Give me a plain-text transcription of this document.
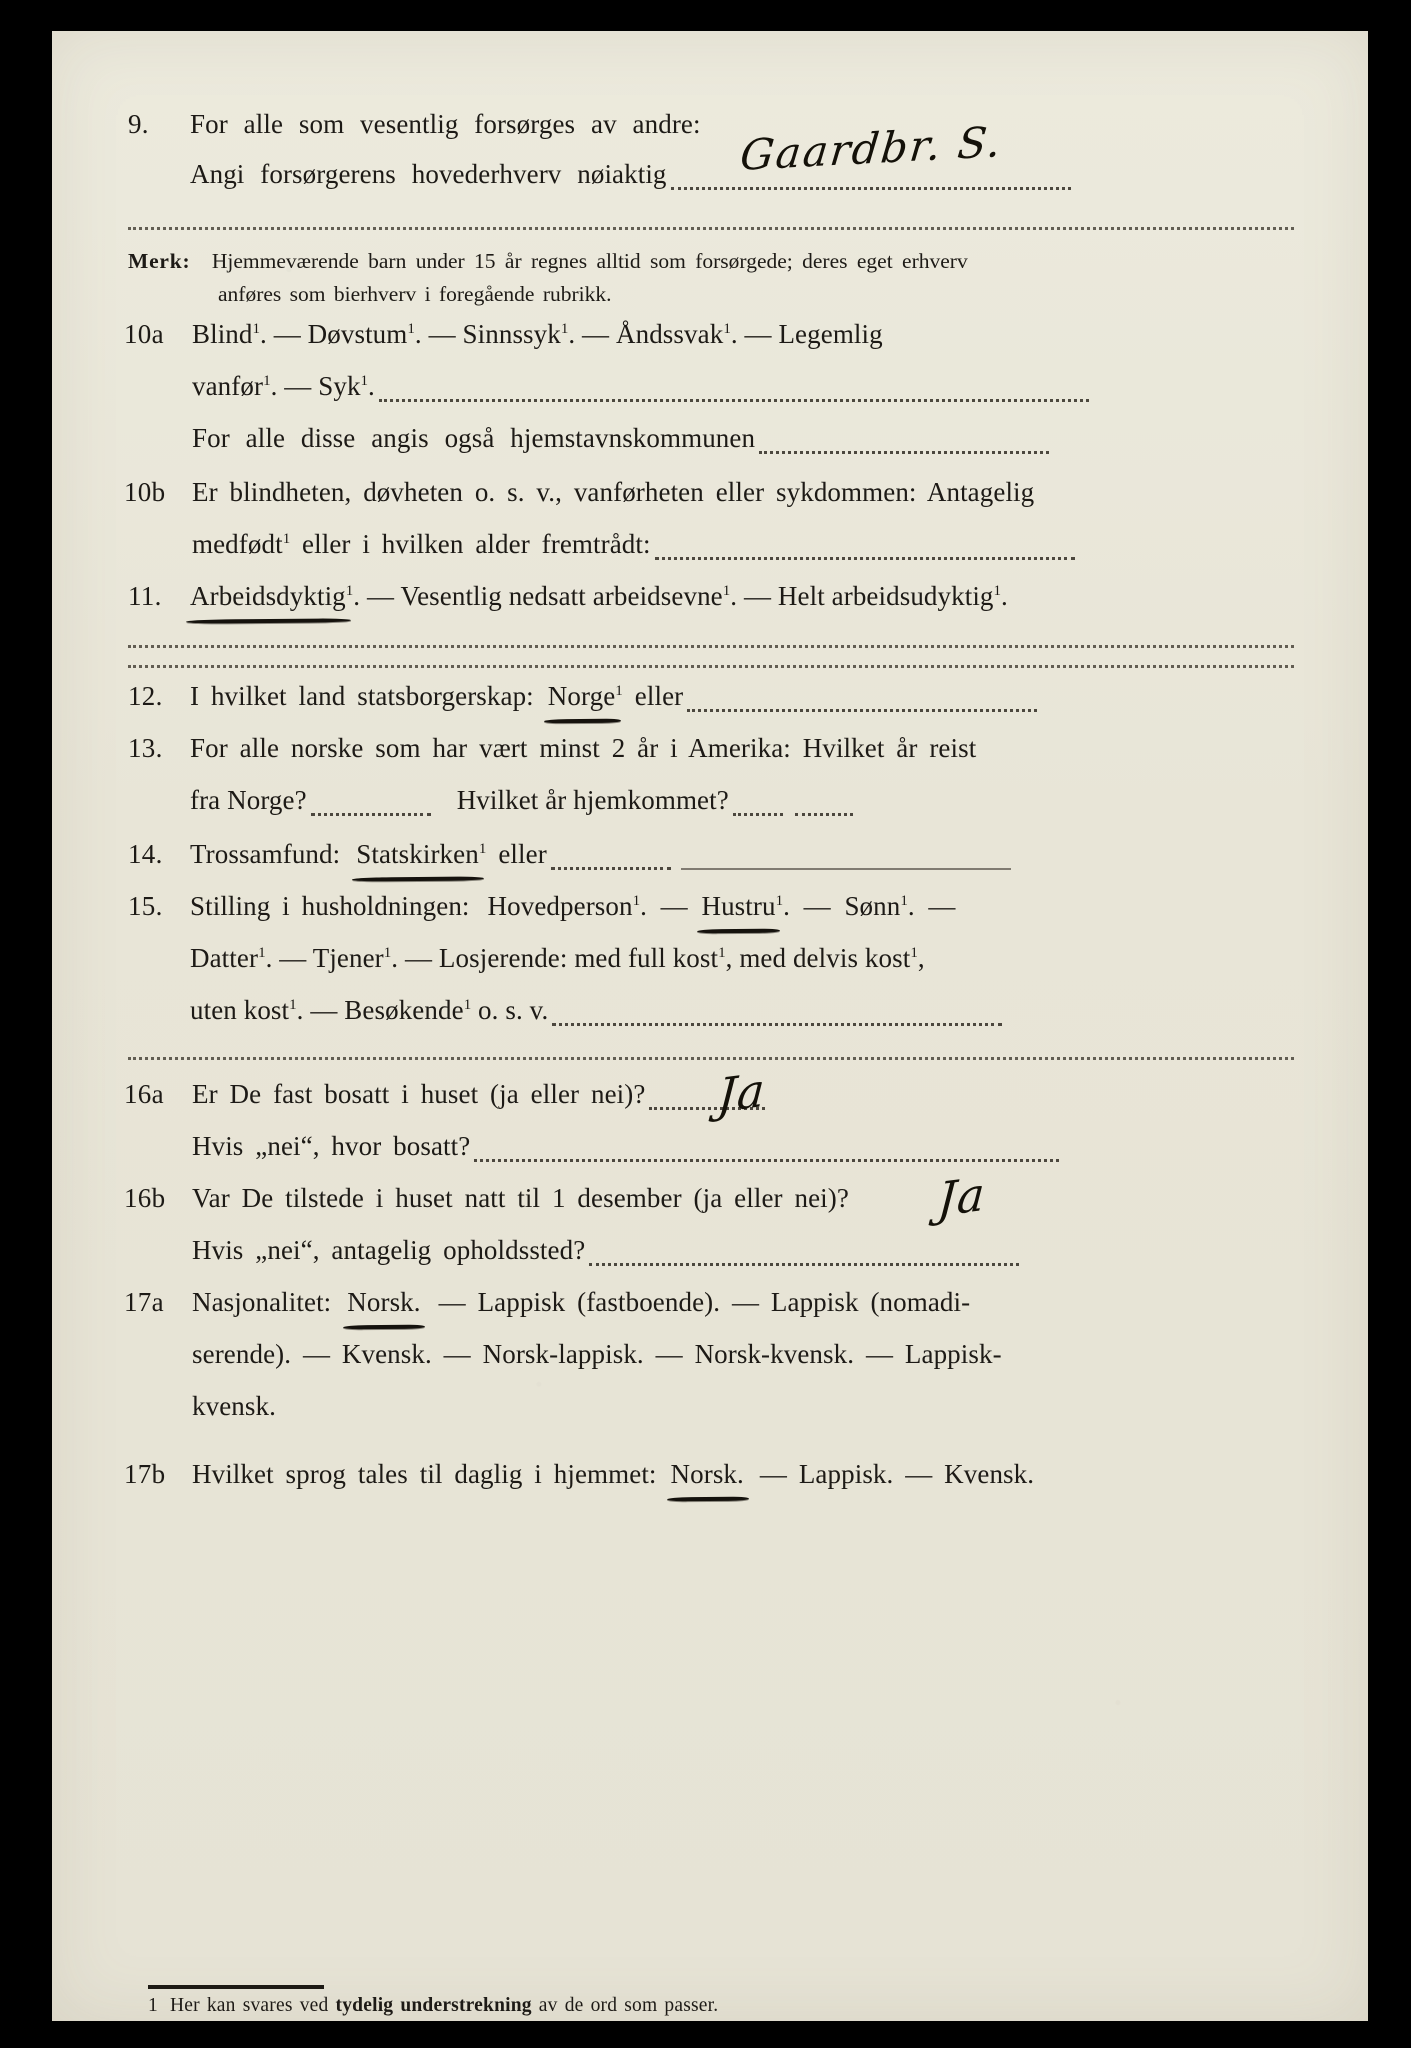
9.	For alle som vesentlig forsørges av andre:
Angi forsørgerens hovederhverv nøiaktig Gaardbr. S.
Merk: Hjemmeværende barn under 15 år regnes alltid som forsørgede; deres eget erhverv
anføres som bierhverv i foregående rubrikk.
10a	Blind$^1$. — Døvstum$^1$. — Sinnssyk$^1$. — Åndssvak$^1$. — Legemlig
vanfør$^1$. — Syk$^1$.
For alle disse angis også hjemstavnskommunen
10b Er blindheten, døvheten o. s. v., vanførheten eller sykdommen: Antagelig
medfødt$^1$ eller i hvilken alder fremtrådt:
11.	Arbeidsdyktig$^1$. — Vesentlig nedsatt arbeidsevne$^1$. — Helt arbeidsudyktig$^1$.
12.	I hvilket land statsborgerskap: Norge$^1$ eller
13.	For alle norske som har vært minst 2 år i Amerika: Hvilket år reist
fra Norge?	Hvilket år hjemkommet?
14.	Trossamfund: Statskirken$^1$ eller
15.	Stilling i husholdningen: Hovedperson$^1$.  —  Hustru$^1$.  —  Sønn$^1$.  —
Datter$^1$. — Tjener$^1$. — Losjerende: med full kost$^1$, med delvis kost$^1$,
uten kost$^1$. — Besøkende$^1$ o. s. v.
16a	Er De fast bosatt i huset (ja eller nei)? Ja
Hvis „nei“, hvor bosatt?
16b Var De tilstede i huset natt til 1 desember (ja eller nei)? Ja
Hvis „nei“, antagelig opholdssted?
17a	Nasjonalitet: Norsk. — Lappisk (fastboende). — Lappisk (nomadi-
serende). — Kvensk. — Norsk-lappisk. — Norsk-kvensk. — Lappisk-
kvensk.
17b Hvilket sprog tales til daglig i hjemmet: Norsk. — Lappisk. — Kvensk.
1 Her kan svares ved tydelig understrekning av de ord som passer.
